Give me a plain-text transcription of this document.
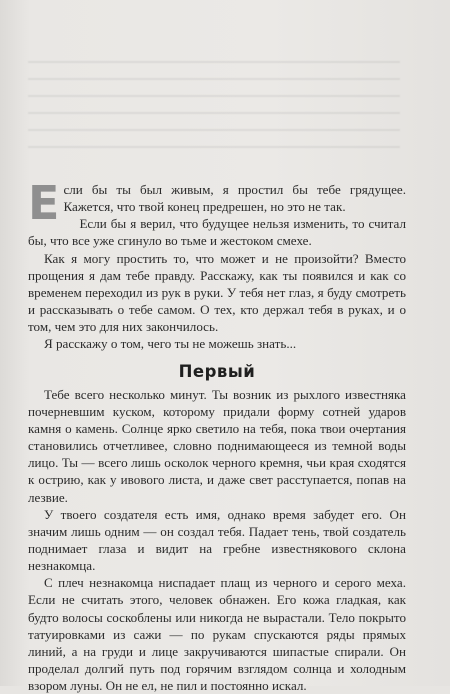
Если бы ты был живым, я простил бы тебе грядущее. Кажется, что твой конец предрешен, но это не так.

Если бы я верил, что будущее нельзя изменить, то считал бы, что все уже сгинуло во тьме и жестоком смехе.

Как я могу простить то, что может и не произойти? Вместо прощения я дам тебе правду. Расскажу, как ты появился и как со временем переходил из рук в руки. У тебя нет глаз, я буду смотреть и рассказывать о тебе самом. О тех, кто держал тебя в руках, и о том, чем это для них закончилось.

Я расскажу о том, чего ты не можешь знать...

Первый

Тебе всего несколько минут. Ты возник из рыхлого известняка почерневшим куском, которому придали форму сотней ударов камня о камень. Солнце ярко светило на тебя, пока твои очертания становились отчетливее, словно поднимающееся из темной воды лицо. Ты — всего лишь осколок черного кремня, чьи края сходятся к острию, как у ивового листа, и даже свет расступается, попав на лезвие.

У твоего создателя есть имя, однако время забудет его. Он значим лишь одним — он создал тебя. Падает тень, твой создатель поднимает глаза и видит на гребне известнякового склона незнакомца.

С плеч незнакомца ниспадает плащ из черного и серого меха. Если не считать этого, человек обнажен. Его кожа гладкая, как будто волосы соскоблены или никогда не вырастали. Тело покрыто татуировками из сажи — по рукам спускаются ряды прямых линий, а на груди и лице закручиваются шипастые спирали. Он проделал долгий путь под горячим взглядом солнца и холодным взором луны. Он не ел, не пил и постоянно искал.
